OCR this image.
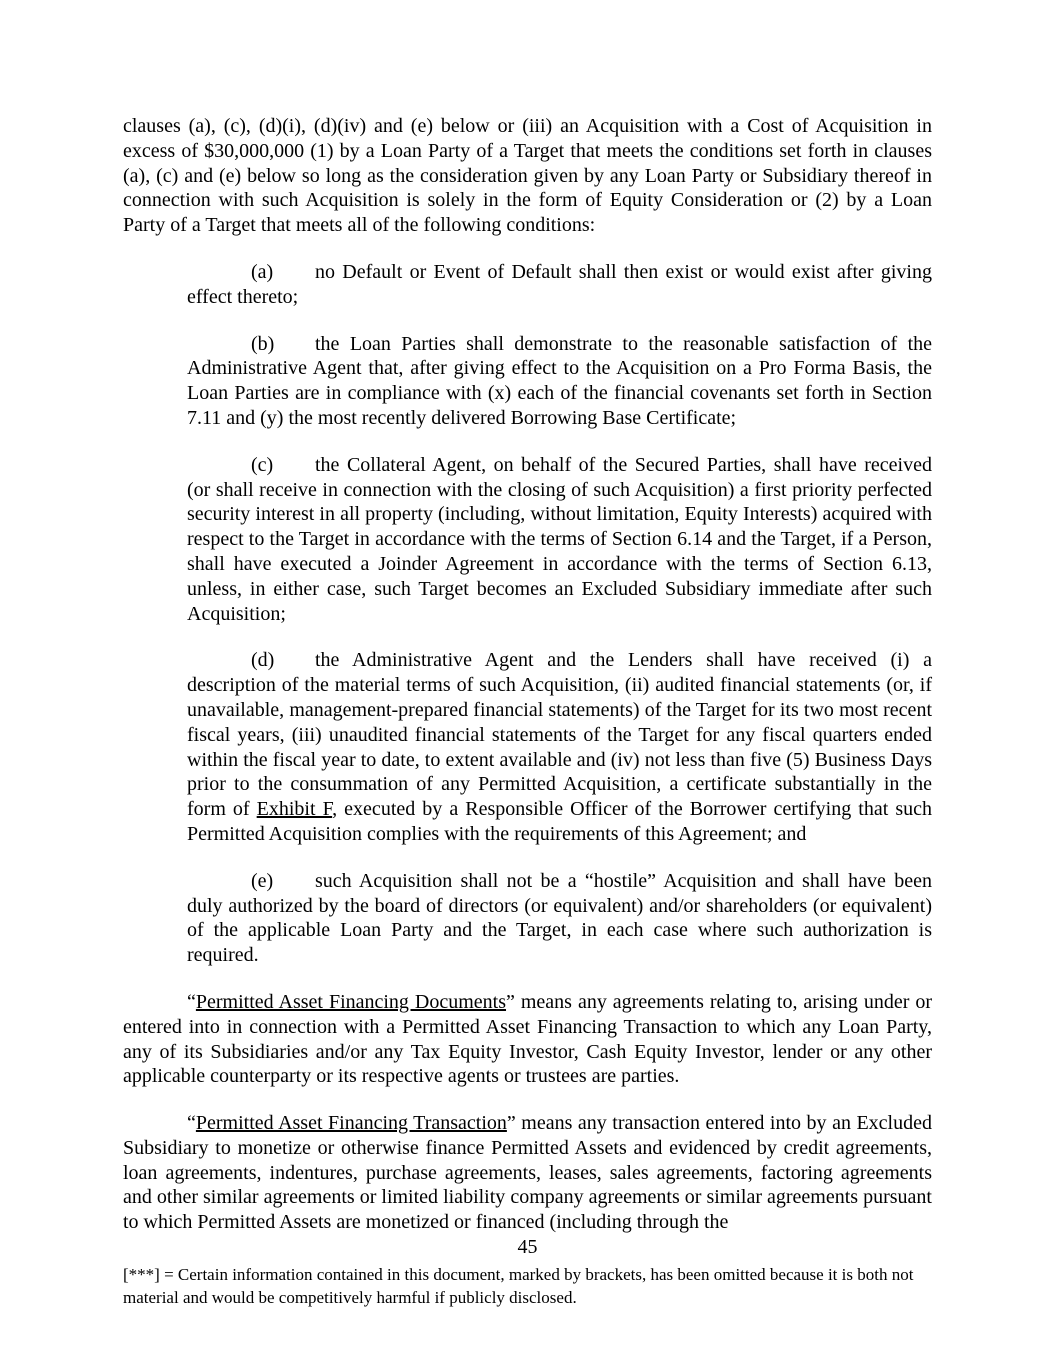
clauses (a), (c), (d)(i), (d)(iv) and (e) below or (iii) an Acquisition with a Cost of Acquisition in excess of $30,000,000 (1) by a Loan Party of a Target that meets the conditions set forth in clauses (a), (c) and (e) below so long as the consideration given by any Loan Party or Subsidiary thereof in connection with such Acquisition is solely in the form of Equity Consideration or (2) by a Loan Party of a Target that meets all of the following conditions:

(a) no Default or Event of Default shall then exist or would exist after giving effect thereto;

(b) the Loan Parties shall demonstrate to the reasonable satisfaction of the Administrative Agent that, after giving effect to the Acquisition on a Pro Forma Basis, the Loan Parties are in compliance with (x) each of the financial covenants set forth in Section 7.11 and (y) the most recently delivered Borrowing Base Certificate;

(c) the Collateral Agent, on behalf of the Secured Parties, shall have received (or shall receive in connection with the closing of such Acquisition) a first priority perfected security interest in all property (including, without limitation, Equity Interests) acquired with respect to the Target in accordance with the terms of Section 6.14 and the Target, if a Person, shall have executed a Joinder Agreement in accordance with the terms of Section 6.13, unless, in either case, such Target becomes an Excluded Subsidiary immediate after such Acquisition;

(d) the Administrative Agent and the Lenders shall have received (i) a description of the material terms of such Acquisition, (ii) audited financial statements (or, if unavailable, management-prepared financial statements) of the Target for its two most recent fiscal years, (iii) unaudited financial statements of the Target for any fiscal quarters ended within the fiscal year to date, to extent available and (iv) not less than five (5) Business Days prior to the consummation of any Permitted Acquisition, a certificate substantially in the form of Exhibit F, executed by a Responsible Officer of the Borrower certifying that such Permitted Acquisition complies with the requirements of this Agreement; and

(e) such Acquisition shall not be a “hostile” Acquisition and shall have been duly authorized by the board of directors (or equivalent) and/or shareholders (or equivalent) of the applicable Loan Party and the Target, in each case where such authorization is required.

“Permitted Asset Financing Documents” means any agreements relating to, arising under or entered into in connection with a Permitted Asset Financing Transaction to which any Loan Party, any of its Subsidiaries and/or any Tax Equity Investor, Cash Equity Investor, lender or any other applicable counterparty or its respective agents or trustees are parties.

“Permitted Asset Financing Transaction” means any transaction entered into by an Excluded Subsidiary to monetize or otherwise finance Permitted Assets and evidenced by credit agreements, loan agreements, indentures, purchase agreements, leases, sales agreements, factoring agreements and other similar agreements or limited liability company agreements or similar agreements pursuant to which Permitted Assets are monetized or financed (including through the

45
[***] = Certain information contained in this document, marked by brackets, has been omitted because it is both not material and would be competitively harmful if publicly disclosed.
